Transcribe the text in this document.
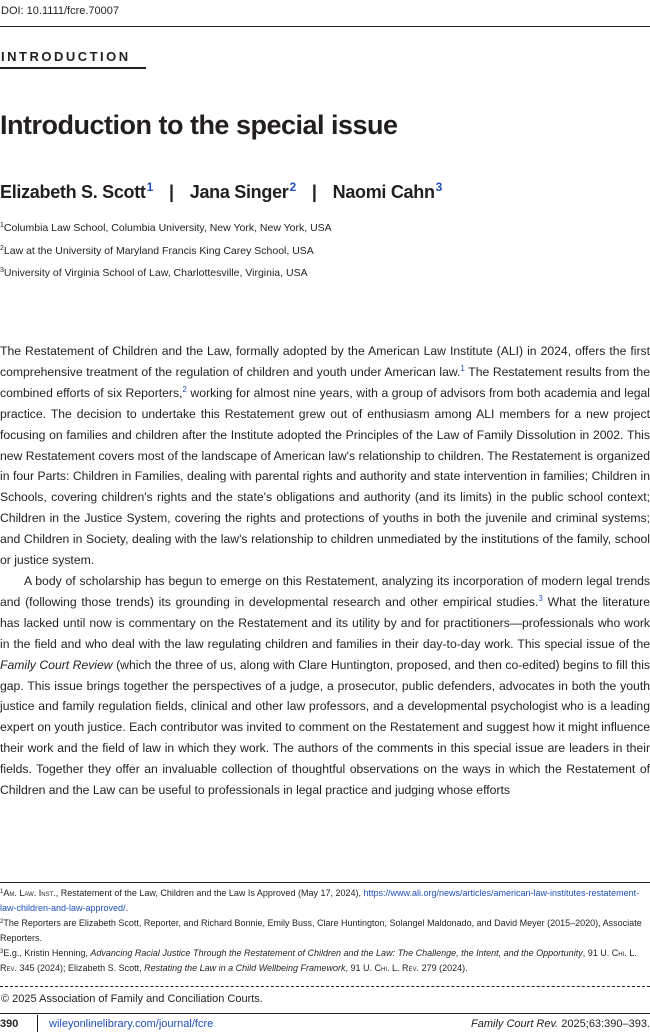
DOI: 10.1111/fcre.70007
INTRODUCTION
Introduction to the special issue
Elizabeth S. Scott$^1$ | Jana Singer$^2$ | Naomi Cahn$^3$
$^1$Columbia Law School, Columbia University, New York, New York, USA
$^2$Law at the University of Maryland Francis King Carey School, USA
$^3$University of Virginia School of Law, Charlottesville, Virginia, USA

The Restatement of Children and the Law, formally adopted by the American Law Institute (ALI) in 2024, offers the first comprehensive treatment of the regulation of children and youth under American law.$^1$ The Restatement results from the combined efforts of six Reporters,$^2$ working for almost nine years, with a group of advisors from both academia and legal practice. The decision to undertake this Restatement grew out of enthusiasm among ALI members for a new project focusing on families and children after the Institute adopted the Principles of the Law of Family Dissolution in 2002. This new Restatement covers most of the landscape of American law's relationship to children. The Restatement is organized in four Parts: Children in Families, dealing with parental rights and authority and state intervention in families; Children in Schools, covering children's rights and the state's obligations and authority (and its limits) in the public school context; Children in the Justice System, covering the rights and protections of youths in both the juvenile and criminal systems; and Children in Society, dealing with the law's relationship to children unmediated by the institutions of the family, school or justice system.

A body of scholarship has begun to emerge on this Restatement, analyzing its incorporation of modern legal trends and (following those trends) its grounding in developmental research and other empirical studies.$^3$ What the literature has lacked until now is commentary on the Restatement and its utility by and for practitioners—professionals who work in the field and who deal with the law regulating children and families in their day-to-day work. This special issue of the Family Court Review (which the three of us, along with Clare Huntington, proposed, and then co-edited) begins to fill this gap. This issue brings together the perspectives of a judge, a prosecutor, public defenders, advocates in both the youth justice and family regulation fields, clinical and other law professors, and a developmental psychologist who is a leading expert on youth justice. Each contributor was invited to comment on the Restatement and suggest how it might influence their work and the field of law in which they work. The authors of the comments in this special issue are leaders in their fields. Together they offer an invaluable collection of thoughtful observations on the ways in which the Restatement of Children and the Law can be useful to professionals in legal practice and judging whose efforts

$^1$Am. Law. Inst., Restatement of the Law, Children and the Law Is Approved (May 17, 2024), https://www.ali.org/news/articles/american-law-institutes-restatement-law-children-and-law-approved/.

$^2$The Reporters are Elizabeth Scott, Reporter, and Richard Bonnie, Emily Buss, Clare Huntington, Solangel Maldonado, and David Meyer (2015–2020), Associate Reporters.

$^3$E.g., Kristin Henning, Advancing Racial Justice Through the Restatement of Children and the Law: The Challenge, the Intent, and the Opportunity, 91 U. Chi. L. Rev. 345 (2024); Elizabeth S. Scott, Restating the Law in a Child Wellbeing Framework, 91 U. Chi. L. Rev. 279 (2024).

© 2025 Association of Family and Conciliation Courts.
390	wileyonlinelibrary.com/journal/fcre	Family Court Rev. 2025;63:390–393.
